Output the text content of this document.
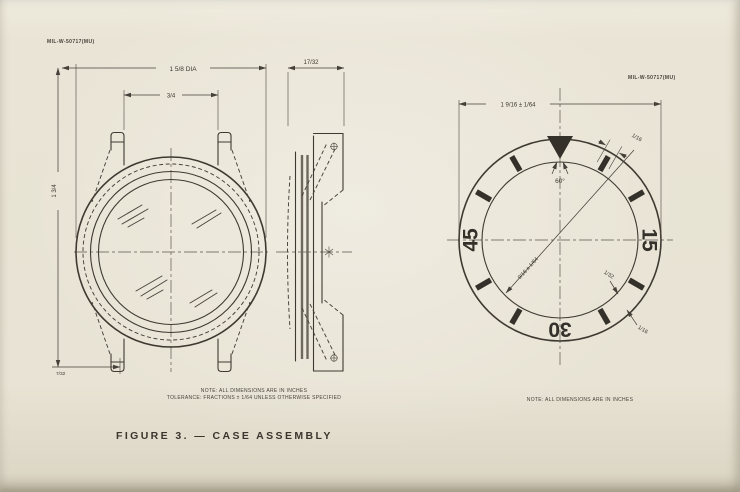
1 5/8 DIA
3/4
1 3/4
7/32
17/32
15
30
45
1 9/16 ± 1/64
60°
1/16
1/32
1/16
9/16 ± 1/64
MIL-W-50717(MU)
MIL-W-50717(MU)
NOTE: ALL DIMENSIONS ARE IN INCHES
TOLERANCE: FRACTIONS ± 1/64 UNLESS OTHERWISE SPECIFIED	NOTE: ALL DIMENSIONS ARE IN INCHES
FIGURE 3. — CASE ASSEMBLY
